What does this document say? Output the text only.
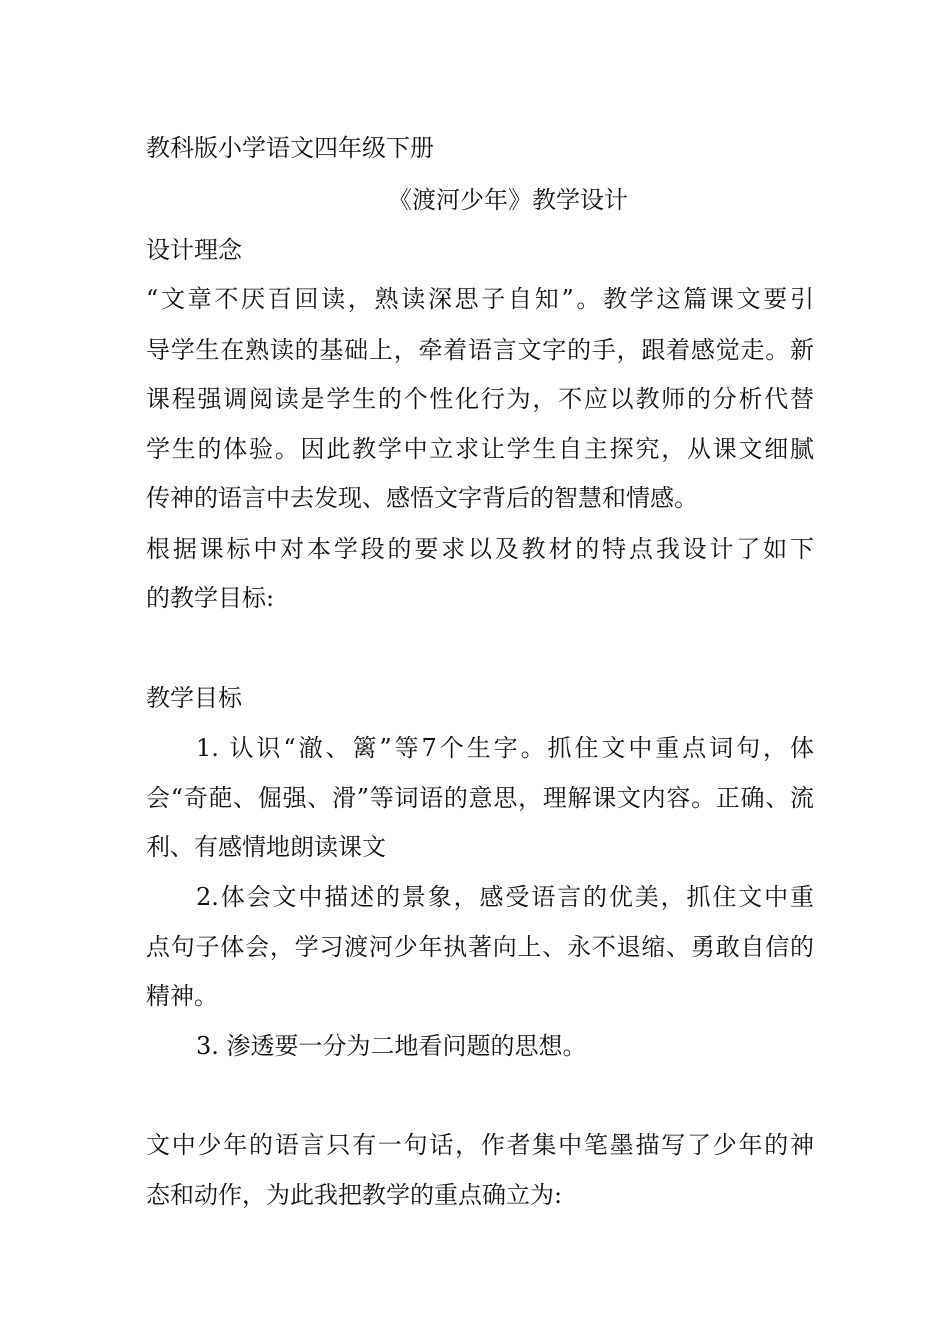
教科版小学语文四年级下册
《渡河少年》教学设计
设计理念
“文章不厌百回读，熟读深思子自知”。教学这篇课文要引
导学生在熟读的基础上，牵着语言文字的手，跟着感觉走。新
课程强调阅读是学生的个性化行为，不应以教师的分析代替
学生的体验。因此教学中立求让学生自主探究，从课文细腻
传神的语言中去发现、感悟文字背后的智慧和情感。
根据课标中对本学段的要求以及教材的特点我设计了如下
的教学目标:
教学目标
1. 认识“澈、篱”等7个生字。抓住文中重点词句，体
会“奇葩、倔强、滑”等词语的意思，理解课文内容。正确、流
利、有感情地朗读课文
2.体会文中描述的景象，感受语言的优美，抓住文中重
点句子体会，学习渡河少年执著向上、永不退缩、勇敢自信的
精神。
3. 渗透要一分为二地看问题的思想。
文中少年的语言只有一句话，作者集中笔墨描写了少年的神
态和动作，为此我把教学的重点确立为:
